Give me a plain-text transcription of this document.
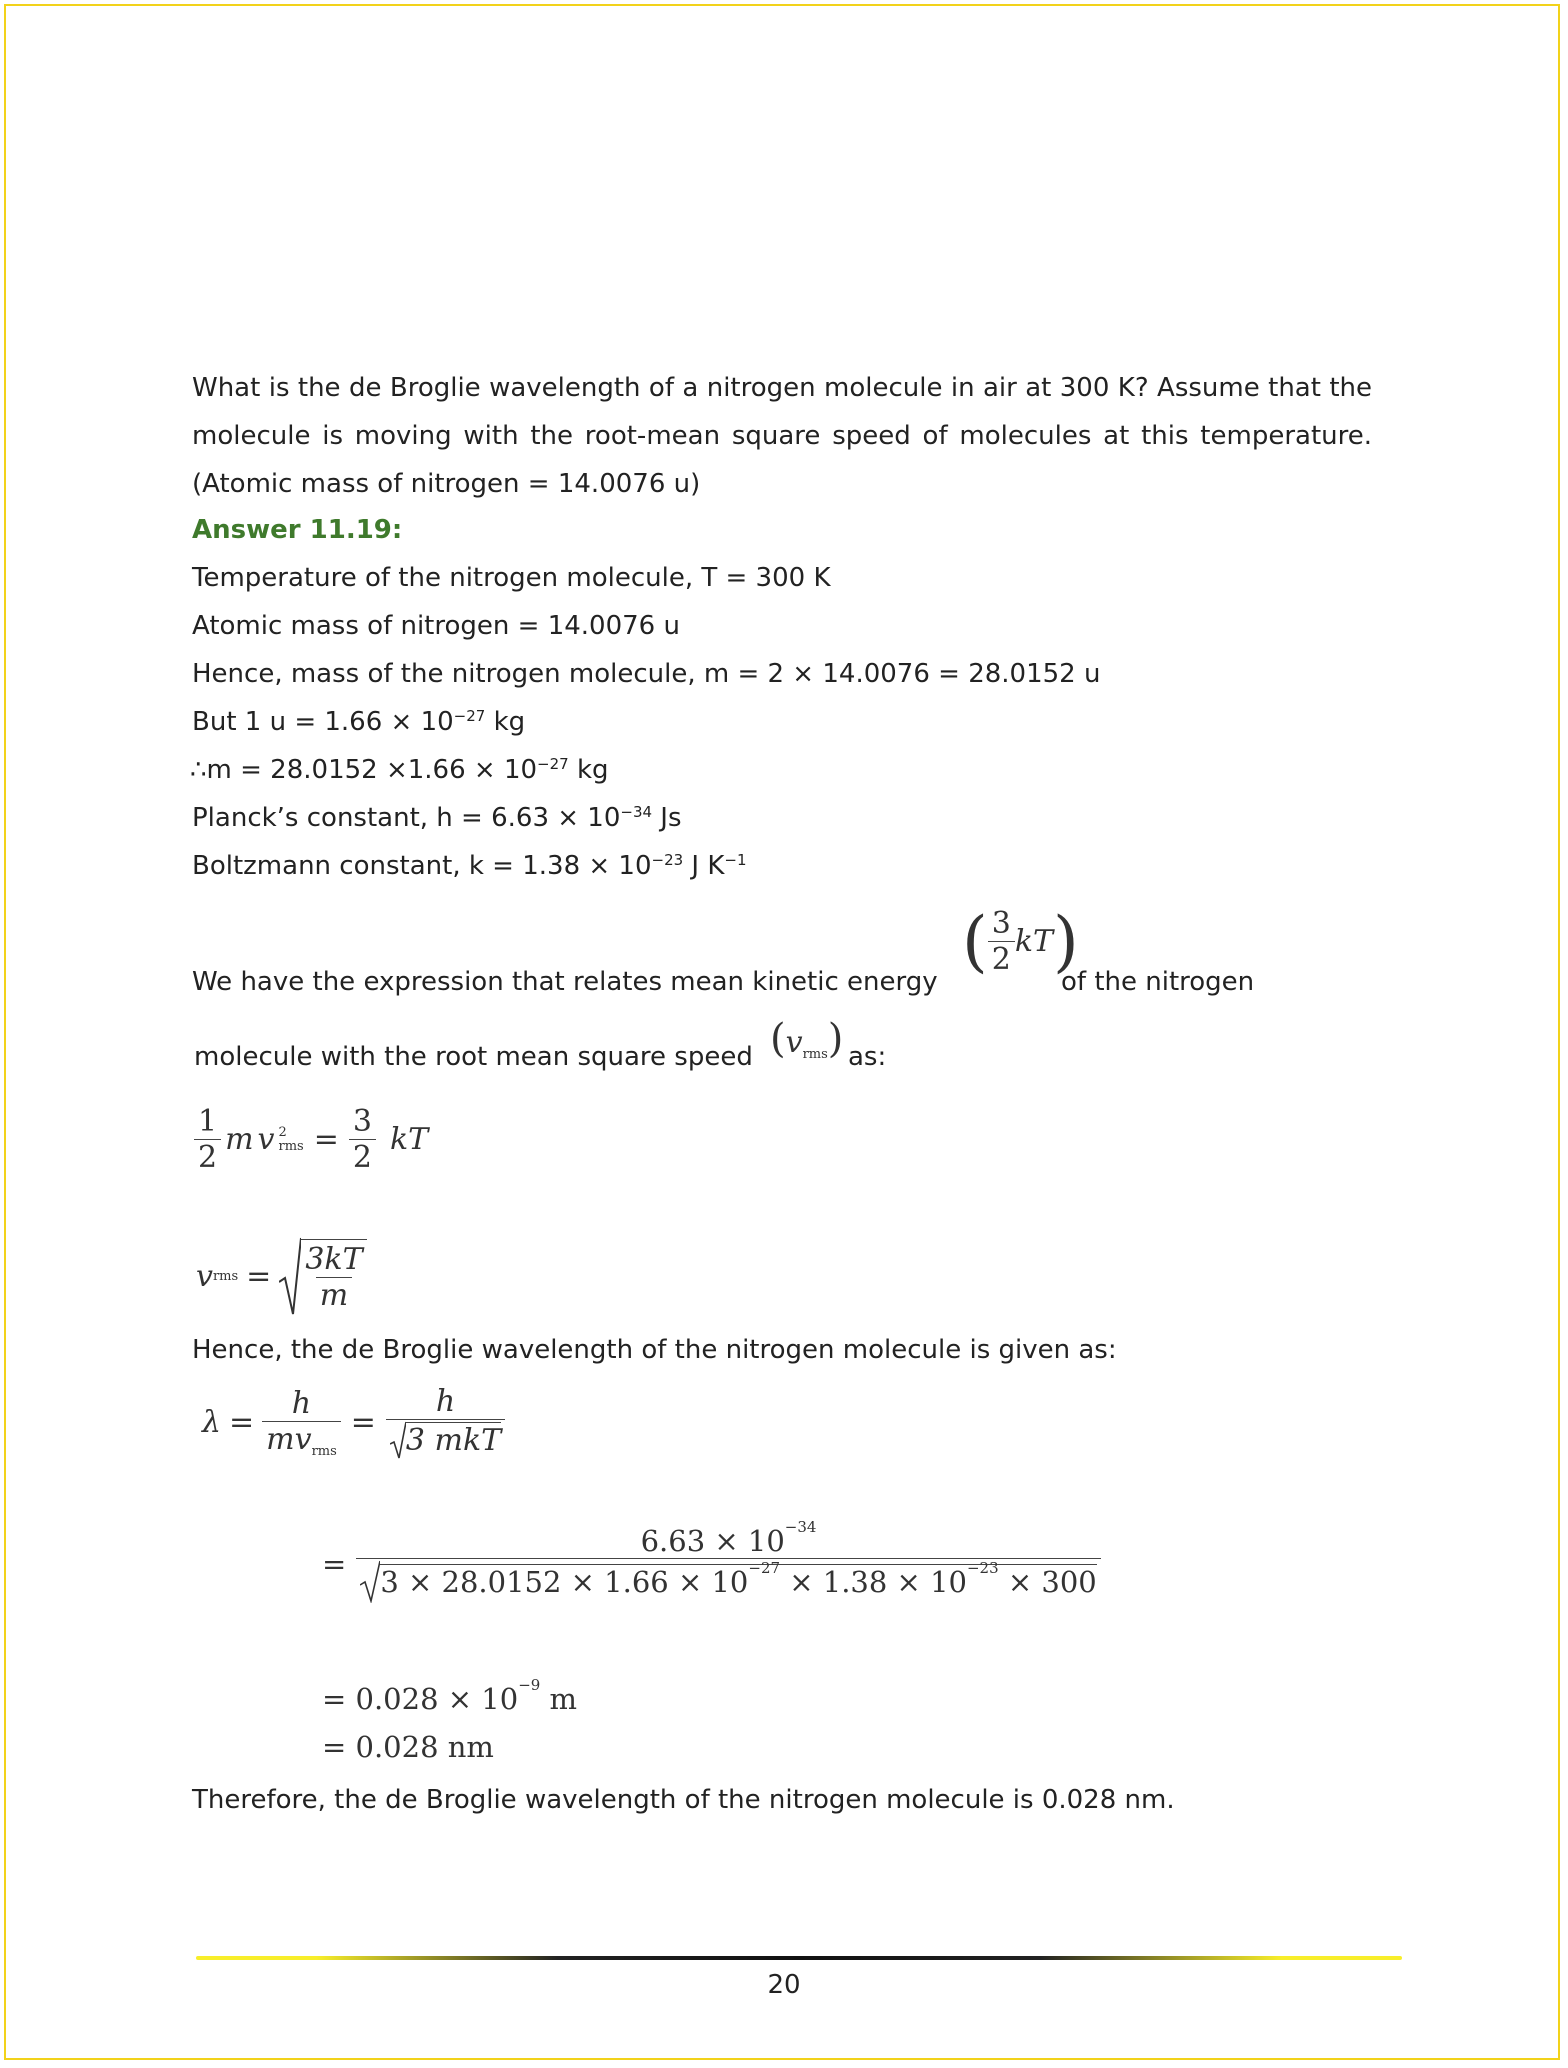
What is the de Broglie wavelength of a nitrogen molecule in air at 300 K? Assume that the molecule is moving with the root-mean square speed of molecules at this temperature. (Atomic mass of nitrogen = 14.0076 u)
Answer 11.19:
Temperature of the nitrogen molecule, T = 300 K
Atomic mass of nitrogen = 14.0076 u
Hence, mass of the nitrogen molecule, m = 2 × 14.0076 = 28.0152 u
But 1 $u = 1.66 \times 10^{-27}$ kg
∴m = $28.0152 \times 1.66 \times 10^{-27}$ kg
Planck’s constant, $h = 6.63 \times 10^{-34}$ Js
Boltzmann constant, $k = 1.38 \times 10^{-23}$ J $K^{-1}$
We have the expression that relates mean kinetic energy
( $\frac{3}{2}$ kT )
of the nitrogen
molecule with the root mean square speed $(v_{rms})$ as:
$\frac{1}{2}$ m v 2
rms = $\frac{3}{2}$ kT
v rms = $\frac{3kT}{m}$
Hence, the de Broglie wavelength of the nitrogen molecule is given as:
$\lambda = \frac{h}{mv_{rms}} = \frac{h}{\text{3 mkT}}$
= $\frac{6.63 \times 10^{-34}}{3 \times 28.0152 \times 1.66 \times 10^{-27} \times 1.38 \times 10^{-23} \times 300}$
= $0.028 \times 10^{-9}$ m
= 0.028 nm
Therefore, the de Broglie wavelength of the nitrogen molecule is 0.028 nm.
20
